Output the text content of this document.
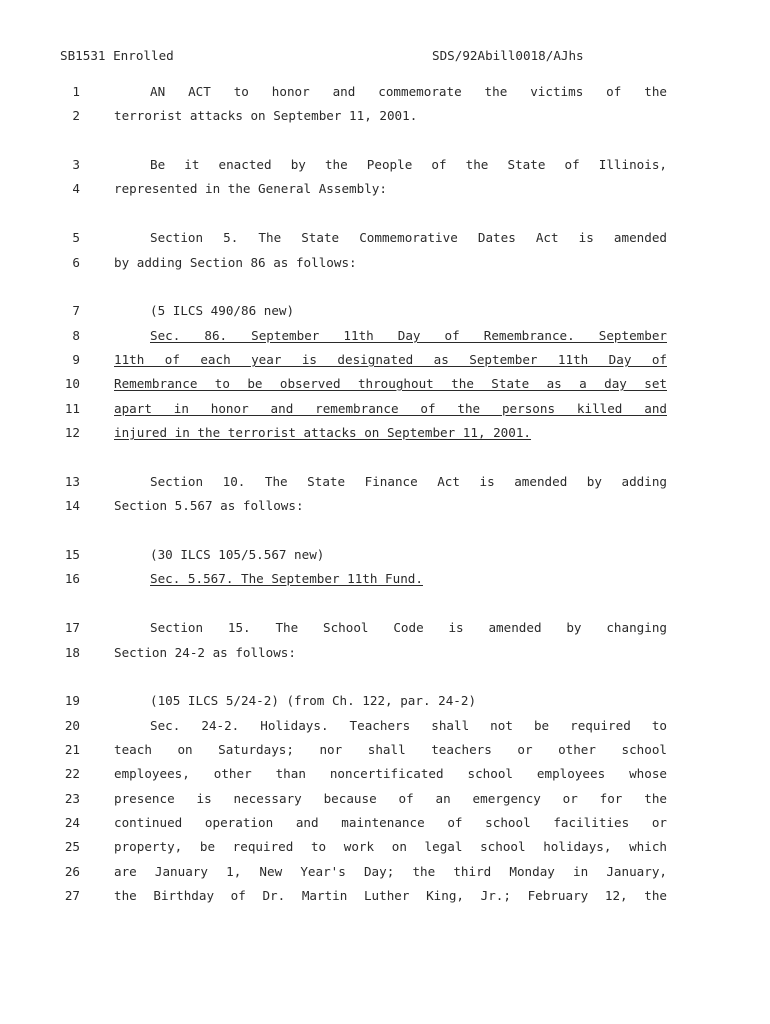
SB1531 Enrolled	SDS/92Abill0018/AJhs
1	AN ACT to honor and commemorate the victims of the
2	terrorist attacks on September 11, 2001.
3	Be it enacted by the People of the State of Illinois,
4	represented in the General Assembly:
5	Section 5. The State Commemorative Dates Act is amended
6	by adding Section 86 as follows:
7	(5 ILCS 490/86 new)
8	Sec. 86. September 11th Day of Remembrance. September
9	11th of each year is designated as September 11th Day of
10	Remembrance to be observed throughout the State as a day set
11	apart in honor and remembrance of the persons killed and
12	injured in the terrorist attacks on September 11, 2001.
13	Section 10. The State Finance Act is amended by adding
14	Section 5.567 as follows:
15	(30 ILCS 105/5.567 new)
16	Sec. 5.567. The September 11th Fund.
17	Section 15. The School Code is amended by changing
18	Section 24-2 as follows:
19	(105 ILCS 5/24-2) (from Ch. 122, par. 24-2)
20	Sec. 24-2. Holidays. Teachers shall not be required to
21	teach on Saturdays; nor shall teachers or other school
22	employees, other than noncertificated school employees whose
23	presence is necessary because of an emergency or for the
24	continued operation and maintenance of school facilities or
25	property, be required to work on legal school holidays, which
26	are January 1, New Year's Day; the third Monday in January,
27	the Birthday of Dr. Martin Luther King, Jr.; February 12, the
